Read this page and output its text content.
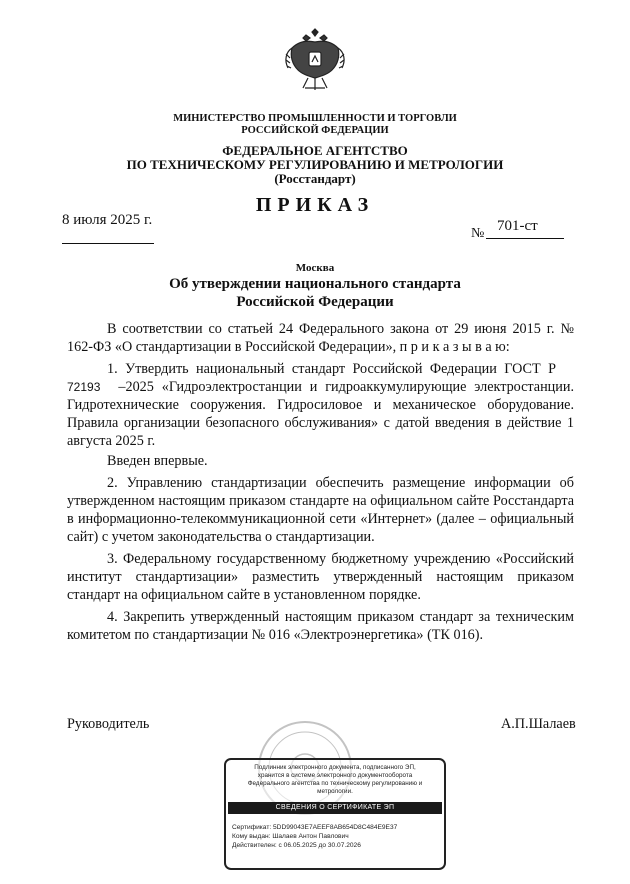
МИНИСТЕРСТВО ПРОМЫШЛЕННОСТИ И ТОРГОВЛИ
РОССИЙСКОЙ ФЕДЕРАЦИИ
ФЕДЕРАЛЬНОЕ АГЕНТСТВО
ПО ТЕХНИЧЕСКОМУ РЕГУЛИРОВАНИЮ И МЕТРОЛОГИИ
(Росстандарт)
ПРИКАЗ
8 июля 2025 г.
№ 701-ст
Москва
Об утверждении национального стандарта
Российской Федерации

В соответствии со статьей 24 Федерального закона от 29 июня 2015 г. № 162-ФЗ «О стандартизации в Российской Федерации», п р и к а з ы в а ю:

1. Утвердить национальный стандарт Российской Федерации ГОСТ Р72193 –2025 «Гидроэлектростанции и гидроаккумулирующие электростанции. Гидротехнические сооружения. Гидросиловое и механическое оборудование. Правила организации безопасного обслуживания» с датой введения в действие 1 августа 2025 г.

Введен впервые.

2. Управлению стандартизации обеспечить размещение информации об утвержденном настоящим приказом стандарте на официальном сайте Росстандарта в информационно-телекоммуникационной сети «Интернет» (далее – официальный сайт) с учетом законодательства о стандартизации.

3. Федеральному государственному бюджетному учреждению «Российский институт стандартизации» разместить утвержденный настоящим приказом стандарт на официальном сайте в установленном порядке.

4. Закрепить утвержденный настоящим приказом стандарт за техническим комитетом по стандартизации № 016 «Электроэнергетика» (ТК 016).

Руководитель	А.П.Шалаев
Подлинник электронного документа, подписанного ЭП,
хранится в системе электронного документооборота
Федерального агентства по техническому регулированию и
метрологии.
СВЕДЕНИЯ О СЕРТИФИКАТЕ ЭП
Сертификат: 5DD99043E7AEEF8AB654D8C484E9E37
Кому выдан: Шалаев Антон Павлович
Действителен: с 06.05.2025 до 30.07.2026
